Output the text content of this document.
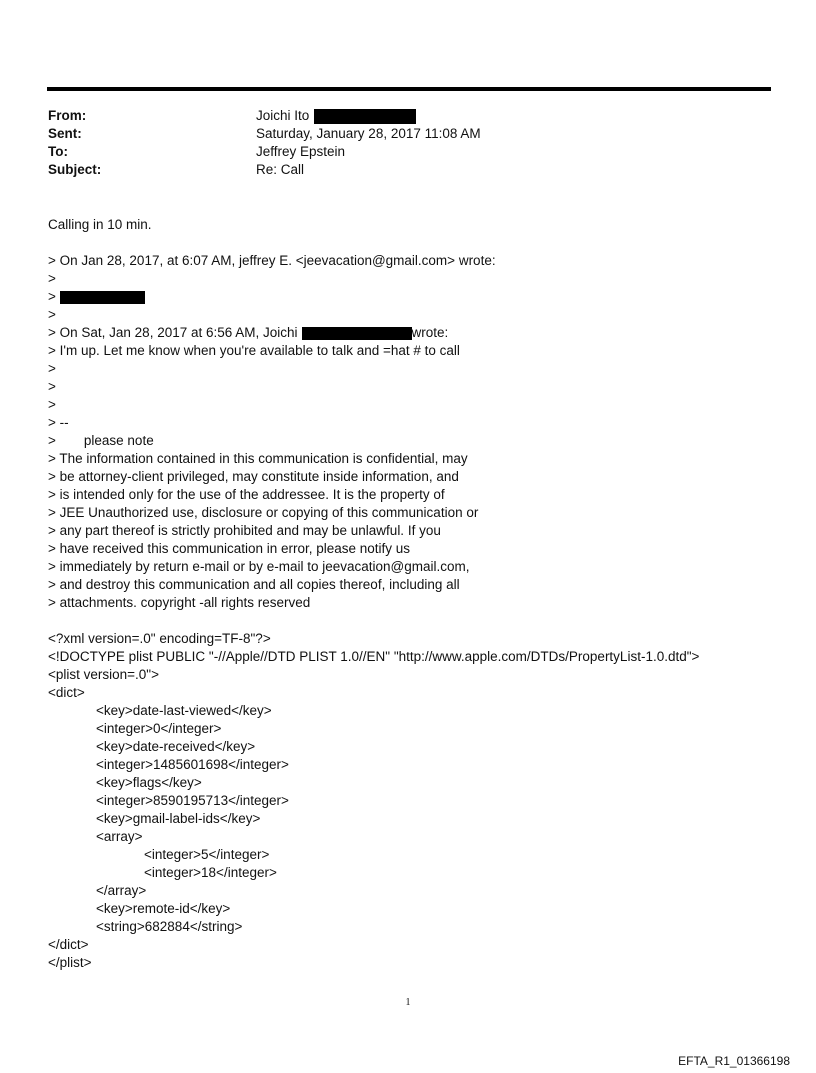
From:	Joichi Ito
Sent:	Saturday, January 28, 2017 11:08 AM
To:	Jeffrey Epstein
Subject:	Re: Call
Calling in 10 min.
> On Jan 28, 2017, at 6:07 AM, jeffrey E. <jeevacation@gmail.com> wrote:
>
>
>
> On Sat, Jan 28, 2017 at 6:56 AM, Joichi	wrote:
> I'm up. Let me know when you're available to talk and =hat # to call
>
>
>
> --
>	please note
> The information contained in this communication is confidential, may
> be attorney-client privileged, may constitute inside information, and
> is intended only for the use of the addressee. It is the property of
> JEE Unauthorized use, disclosure or copying of this communication or
> any part thereof is strictly prohibited and may be unlawful. If you
> have received this communication in error, please notify us
> immediately by return e-mail or by e-mail to jeevacation@gmail.com,
> and destroy this communication and all copies thereof, including all
> attachments. copyright -all rights reserved
<?xml version=.0" encoding=TF-8"?>
<!DOCTYPE plist PUBLIC "-//Apple//DTD PLIST 1.0//EN" "http://www.apple.com/DTDs/PropertyList-1.0.dtd">
<plist version=.0">
<dict>
<key>date-last-viewed</key>
<integer>0</integer>
<key>date-received</key>
<integer>1485601698</integer>
<key>flags</key>
<integer>8590195713</integer>
<key>gmail-label-ids</key>
<array>
<integer>5</integer>
<integer>18</integer>
</array>
<key>remote-id</key>
<string>682884</string>
</dict>
</plist>
1
EFTA_R1_01366198
